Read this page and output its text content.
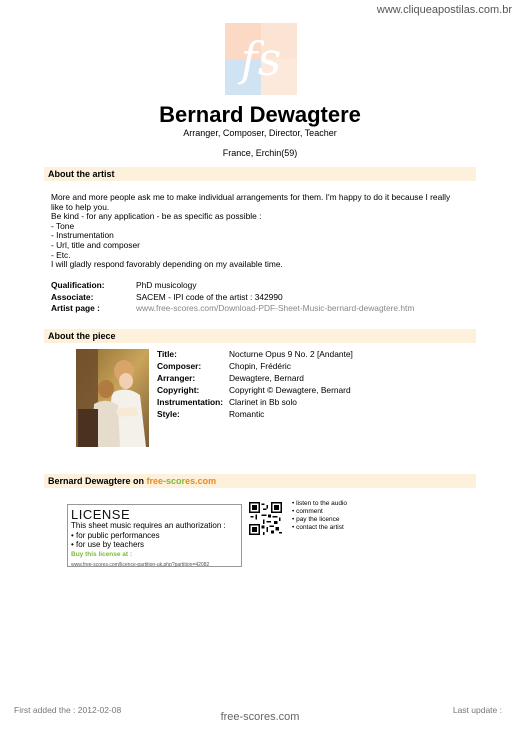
www.cliqueapostilas.com.br
fs
Bernard Dewagtere
Arranger, Composer, Director, Teacher
France, Erchin(59)
About the artist
More and more people ask me to make individual arrangements for them. I'm happy to do it because I really
like to help you.
Be kind - for any application - be as specific as possible :
- Tone
- Instrumentation
- Url, title and composer
- Etc.
I will gladly respond favorably depending on my available time.
Qualification:	PhD musicology
Associate:	SACEM - IPI code of the artist : 342990
Artist page :	www.free-scores.com/Download-PDF-Sheet-Music-bernard-dewagtere.htm
About the piece
Title:	Nocturne Opus 9 No. 2 [Andante]
Composer:	Chopin, Frédéric
Arranger:	Dewagtere, Bernard
Copyright:	Copyright © Dewagtere, Bernard
Instrumentation: Clarinet in Bb solo
Style:	Romantic
Bernard Dewagtere on free-scores.com
LICENSE
This sheet music requires an authorization :
• for public performances
• for use by teachers
Buy this license at :
www.free-scores.com/licence-partition-uk.php?partition=42082
• listen to the audio
• comment
• pay the licence
• contact the artist
First added the : 2012-02-08	Last update :
free-scores.com
